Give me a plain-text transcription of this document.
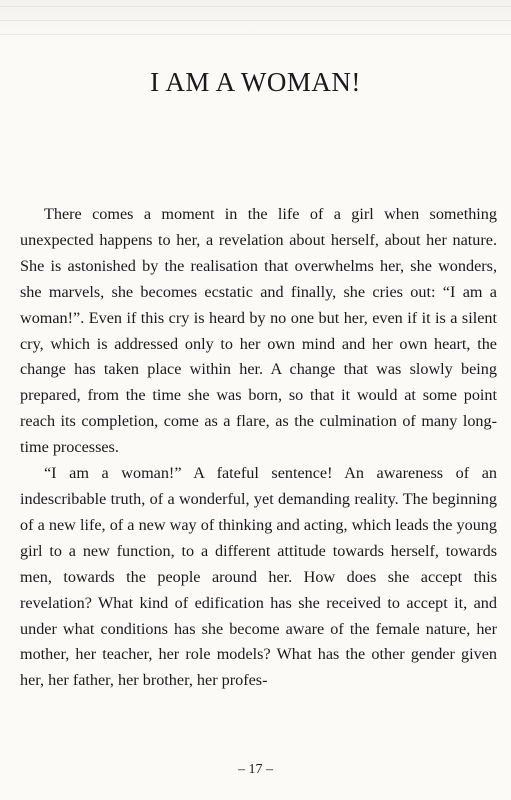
I AM A WOMAN!

There comes a moment in the life of a girl when something unexpected happens to her, a revelation about herself, about her nature. She is astonished by the realisation that overwhelms her, she wonders, she marvels, she becomes ecstatic and finally, she cries out: “I am a woman!”. Even if this cry is heard by no one but her, even if it is a silent cry, which is addressed only to her own mind and her own heart, the change has taken place within her. A change that was slowly being prepared, from the time she was born, so that it would at some point reach its completion, come as a flare, as the culmination of many long-time processes.

“I am a woman!” A fateful sentence! An awareness of an indescribable truth, of a wonderful, yet demanding reality. The beginning of a new life, of a new way of thinking and acting, which leads the young girl to a new function, to a different attitude towards herself, towards men, towards the people around her. How does she accept this revelation? What kind of edification has she received to accept it, and under what conditions has she become aware of the female nature, her mother, her teacher, her role models? What has the other gender given her, her father, her brother, her profes-

– 17 –
